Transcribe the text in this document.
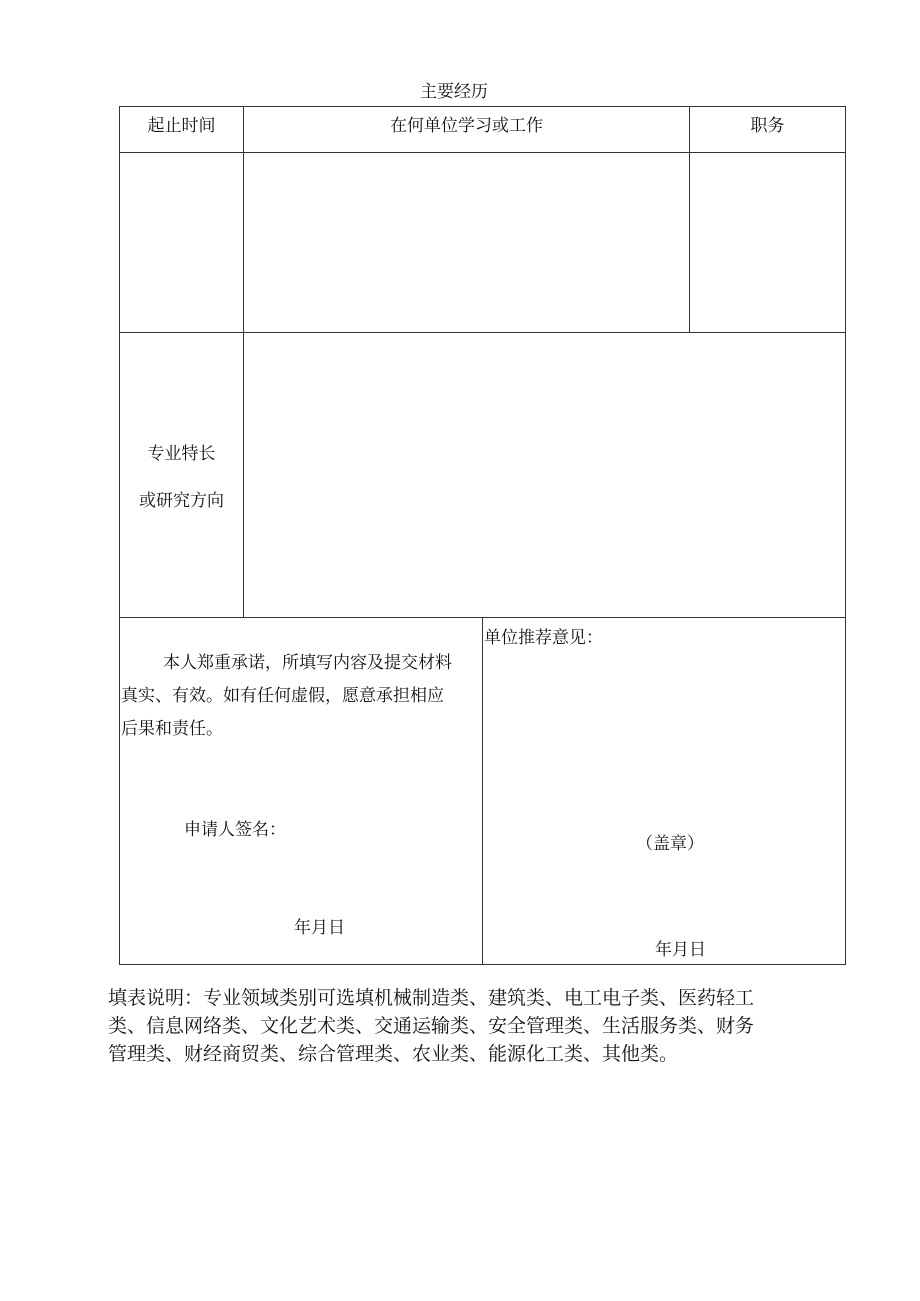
主要经历
起止时间	在何单位学习或工作	职务
专业特长
或研究方向
本人郑重承诺，所填写内容及提交材料
真实、有效。如有任何虚假，愿意承担相应
后果和责任。
申请人签名：
年月日
单位推荐意见：
（盖章）
年月日
填表说明：专业领域类别可选填机械制造类、建筑类、电工电子类、医药轻工
类、信息网络类、文化艺术类、交通运输类、安全管理类、生活服务类、财务
管理类、财经商贸类、综合管理类、农业类、能源化工类、其他类。
